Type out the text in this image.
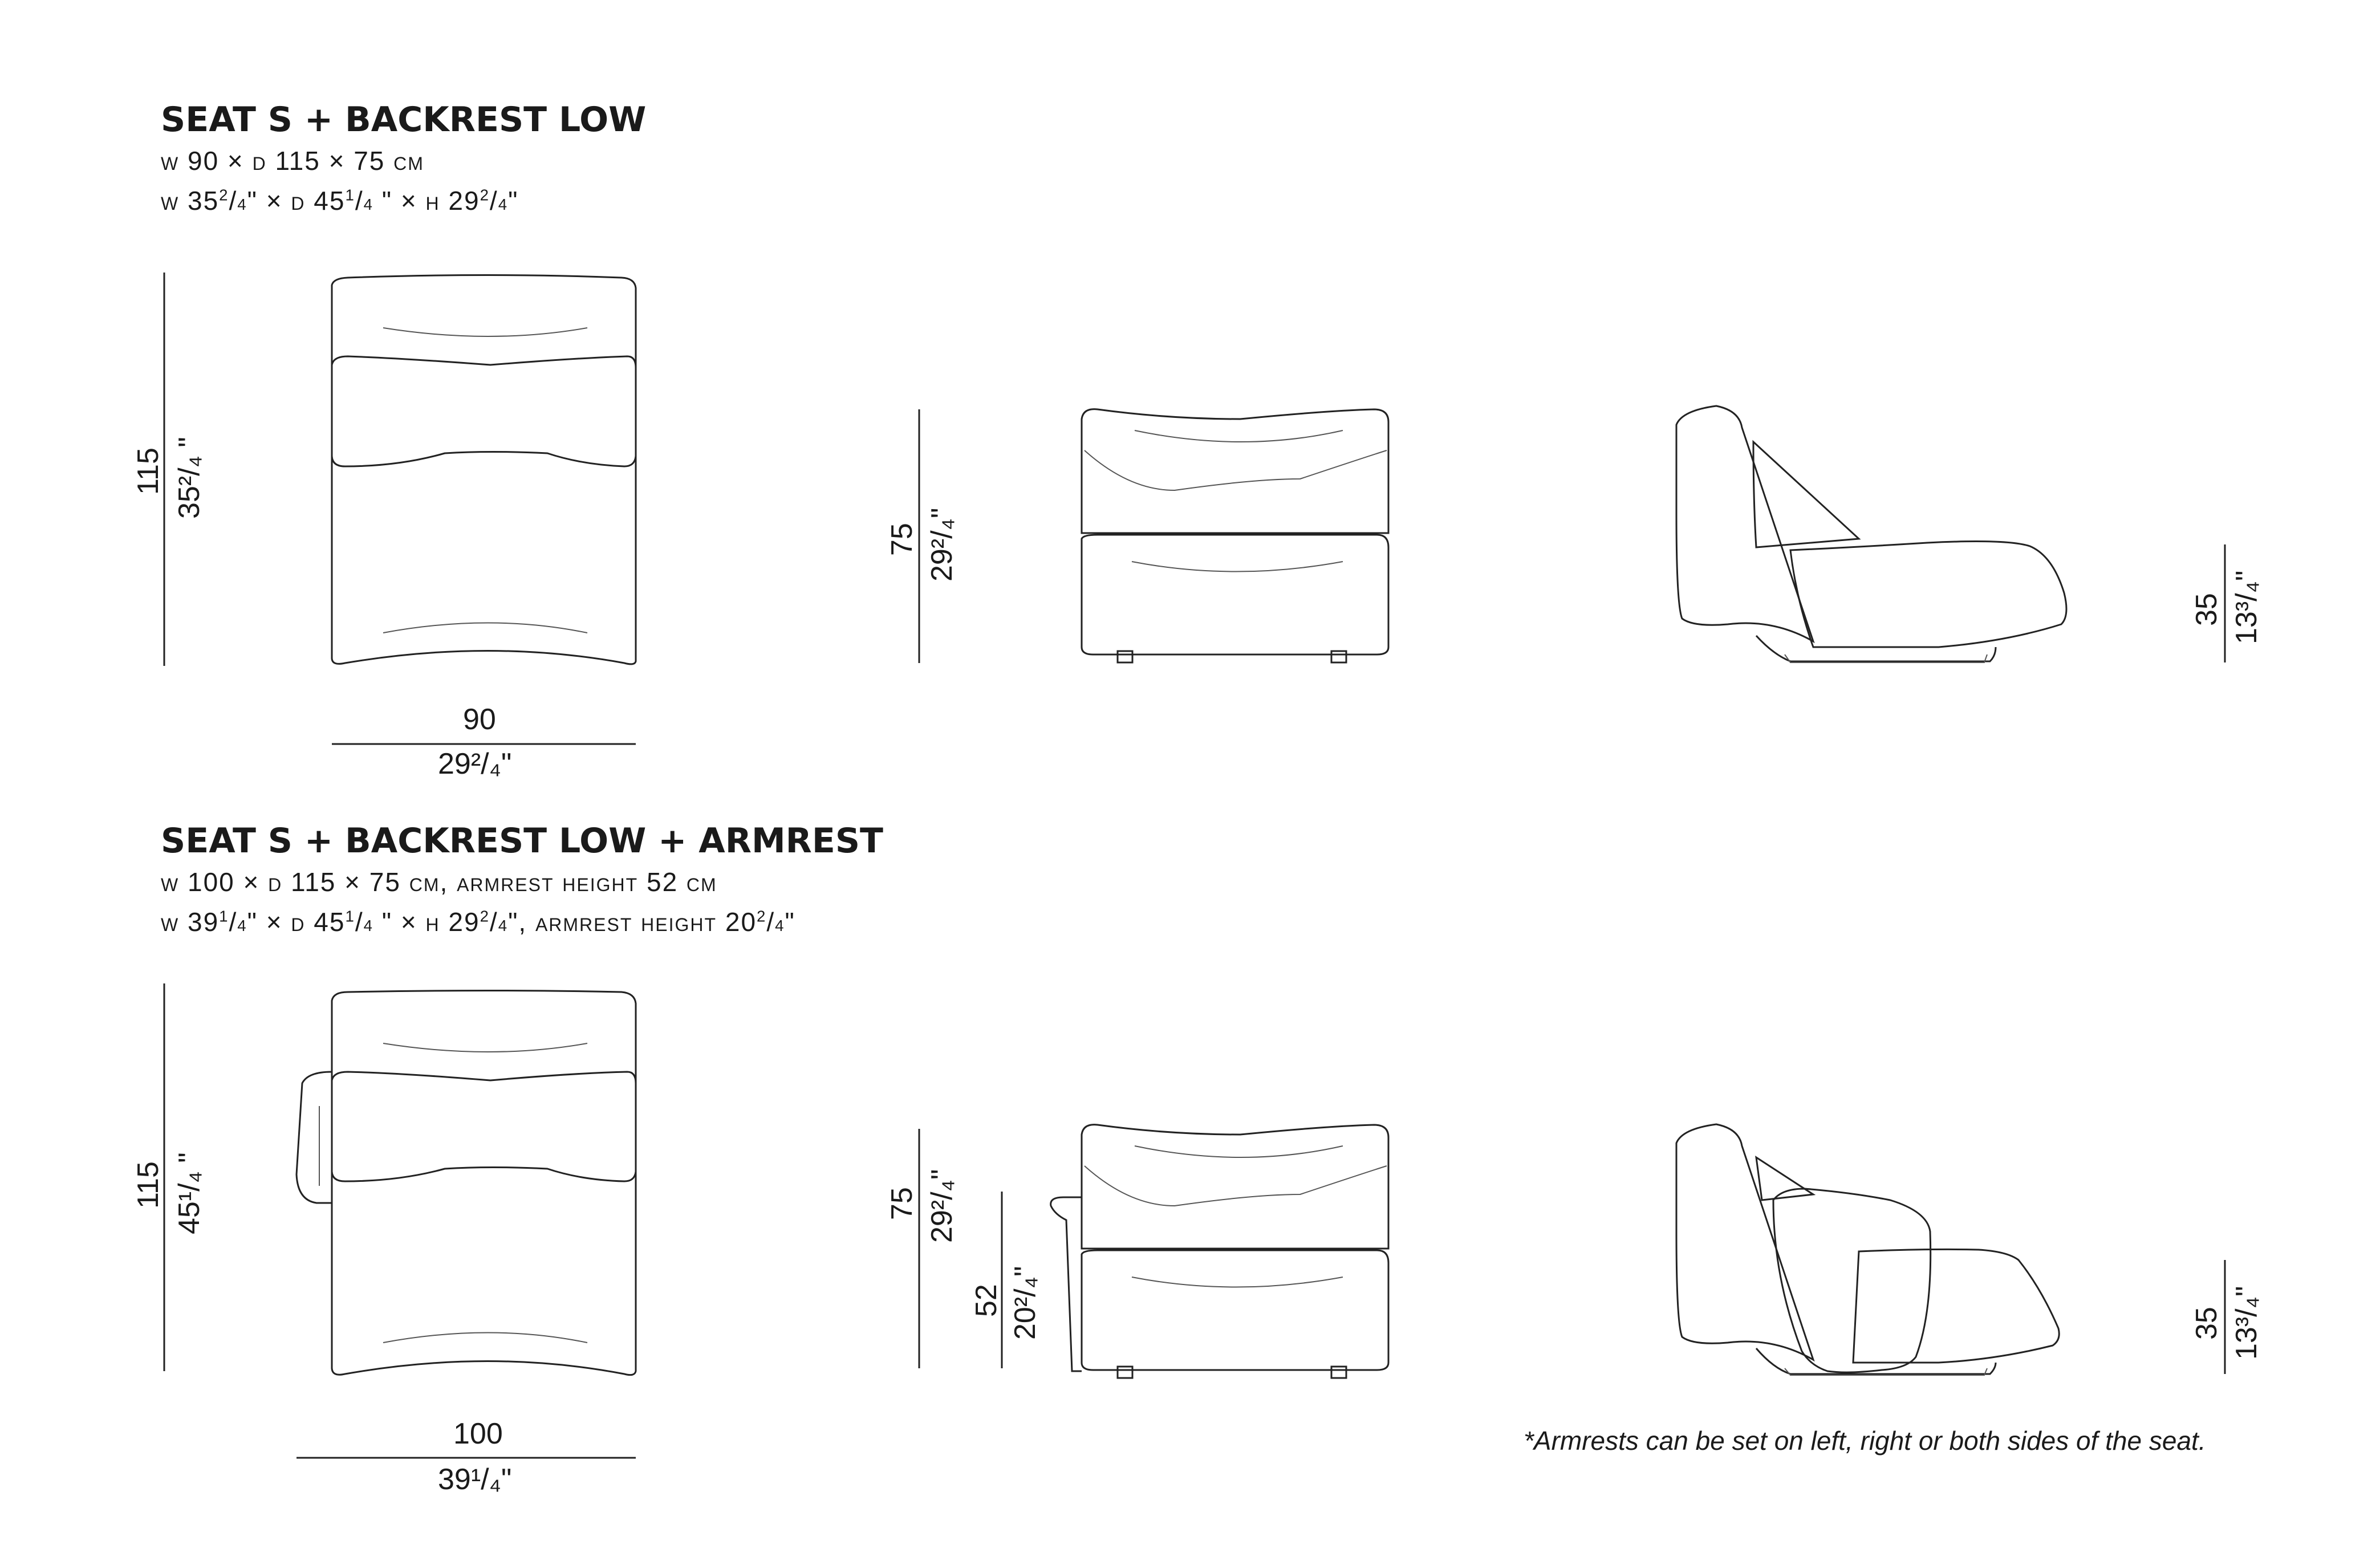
SEAT S + BACKREST LOW

w 90 × d 115 × 75 cm

w $35^2/4$" × d $45^1/4$ " × h $29^2/4$"

SEAT S + BACKREST LOW + ARMREST

w 100 × d 115 × 75 cm, armrest height 52 cm

w $39^1/4$" × d $45^1/4$ " × h $29^2/4$", armrest height $20^2/4$"

115 35²/₄ "
90
29²/₄"
75 29²/₄"
35 13³/₄"
115 45¹/₄ "
100
39¹/₄"
75 29²/₄"
52 20²/₄"	35 13³/₄"
*Armrests can be set on left, right or both sides of the seat.
